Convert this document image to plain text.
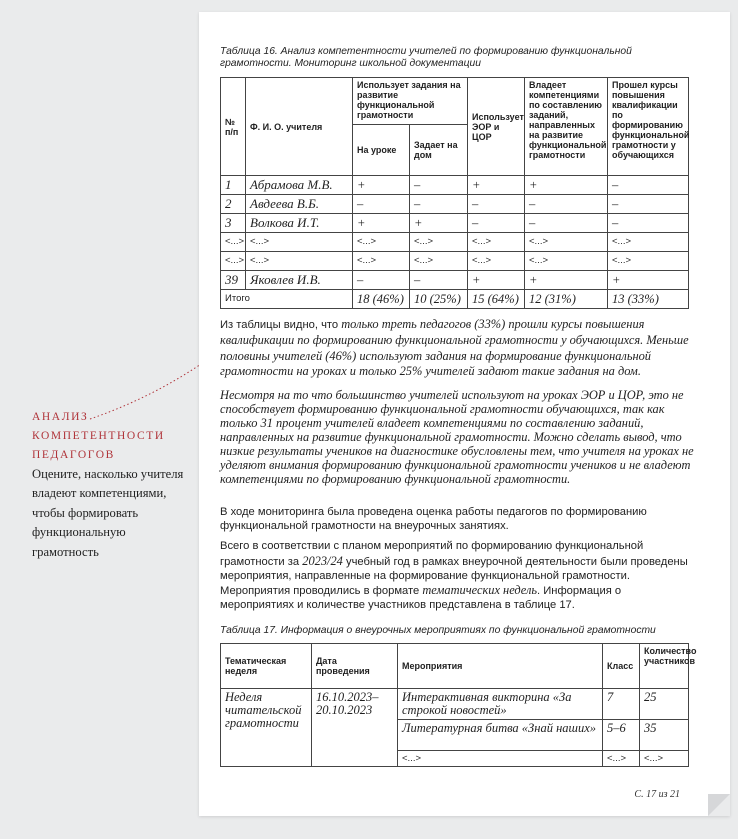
АНАЛИЗ
КОМПЕТЕНТНОСТИ
ПЕДАГОГОВ
Оцените, насколько учителя владеют компетенциями, чтобы формировать функциональную грамотность
Таблица 16. Анализ компетентности учителей по формированию функциональной
грамотности. Мониторинг школьной документации
№ п/п	Ф. И. О. учителя	Использует задания на развитие функциональной грамотности		Использует ЭОР и ЦОР	Владеет компетенциями по составлению заданий, направленных на развитие функциональной грамотности	Прошел курсы повышения квалификации по формированию функциональной грамотности у обучающихся
		На уроке	Задает на дом			
1	Абрамова М.В.	+	–	+	+	–
2	Авдеева В.Б.	–	–	–	–	–
3	Волкова И.Т.	+	+	–	–	–
<...>	<...>	<...>	<...>	<...>	<...>	<...>
<...>	<...>	<...>	<...>	<...>	<...>	<...>
39	Яковлев И.В.	–	–	+	+	+
Итого		18 (46%)	10 (25%)	15 (64%)	12 (31%)	13 (33%)
Из таблицы видно, что только треть педагогов (33%) прошли курсы повышения квалификации по формированию функциональной грамотности у обучающихся. Меньше половины учителей (46%) используют задания на формирование функциональной грамотности на уроках и только 25% учителей задают такие задания на дом.
Несмотря на то что большинство учителей используют на уроках ЭОР и ЦОР, это не способствует формированию функциональной грамотности обучающихся, так как только 31 процент учителей владеет компетенциями по составлению заданий, направленных на развитие функциональной грамотности. Можно сделать вывод, что низкие результаты учеников на диагностике обусловлены тем, что учителя на уроках не уделяют внимания формированию функциональной грамотности учеников и не владеют компетенциями по формированию функциональной грамотности.
В ходе мониторинга была проведена оценка работы педагогов по формированию функциональной грамотности на внеурочных занятиях.
Всего в соответствии с планом мероприятий по формированию функциональной грамотности за 2023/24 учебный год в рамках внеурочной деятельности были проведены мероприятия, направленные на формирование функциональной грамотности. Мероприятия проводились в формате тематических недель. Информация о мероприятиях и количестве участников представлена в таблице 17.
Таблица 17. Информация о внеурочных мероприятиях по функциональной грамотности
Тематическая неделя	Дата проведения	Мероприятия	Класс	Количество участников
Неделя читательской грамотности	16.10.2023–20.10.2023	Интерактивная викторина «За строкой новостей»	7	25
		Литературная битва «Знай наших»	5–6	35
		<...>	<...>	<...>
С. 17 из 21
